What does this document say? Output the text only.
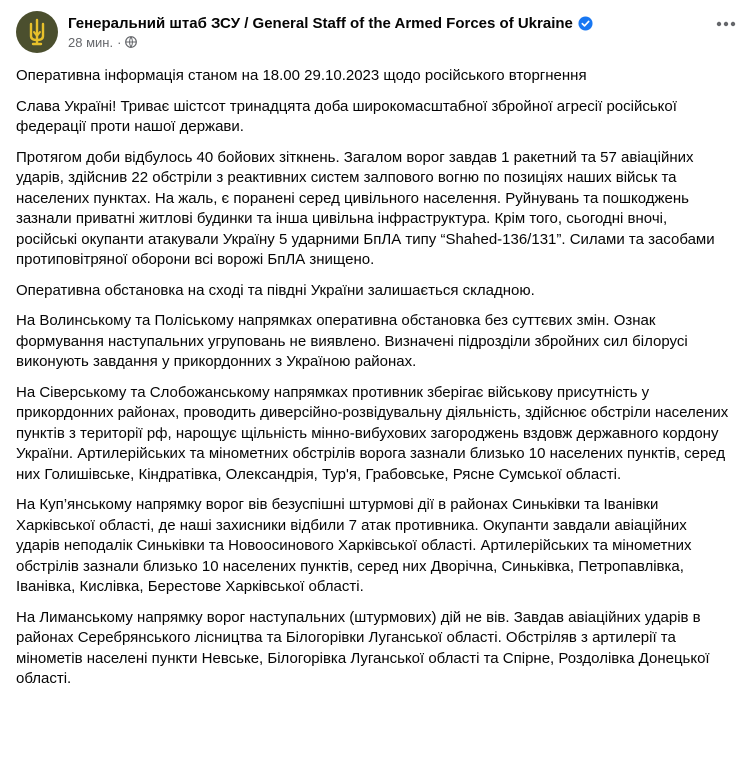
Генеральний штаб ЗСУ / General Staff of the Armed Forces of Ukraine
28 мин. ·

Оперативна інформація станом на 18.00 29.10.2023 щодо російського вторгнення

Слава Україні! Триває шістсот тринадцята доба широкомасштабної збройної агресії російської федерації проти нашої держави.

Протягом доби відбулось 40 бойових зіткнень. Загалом ворог завдав 1 ракетний та 57 авіаційних ударів, здійснив 22 обстріли з реактивних систем залпового вогню по позиціях наших військ та населених пунктах. На жаль, є поранені серед цивільного населення. Руйнувань та пошкоджень зазнали приватні житлові будинки та інша цивільна інфраструктура. Крім того, сьогодні вночі, російські окупанти атакували Україну 5 ударними БпЛА типу “Shahed-136/131”. Силами та засобами протиповітряної оборони всі ворожі БпЛА знищено.

Оперативна обстановка на сході та півдні України залишається складною.

На Волинському та Поліському напрямках оперативна обстановка без суттєвих змін. Ознак формування наступальних угруповань не виявлено. Визначені підрозділи збройних сил білорусі виконують завдання у прикордонних з Україною районах.

На Сіверському та Слобожанському напрямках противник зберігає військову присутність у прикордонних районах, проводить диверсійно-розвідувальну діяльність, здійснює обстріли населених пунктів з території рф, нарощує щільність мінно-вибухових загороджень вздовж державного кордону України. Артилерійських та мінометних обстрілів ворога зазнали близько 10 населених пунктів, серед них Голишівське, Кіндратівка, Олександрія, Тур'я, Грабовське, Рясне Сумської області.

На Куп’янському напрямку ворог вів безуспішні штурмові дії в районах Синьківки та Іванівки Харківської області, де наші захисники відбили 7 атак противника. Окупанти завдали авіаційних ударів неподалік Синьківки та Новоосинового Харківської області. Артилерійських та мінометних обстрілів зазнали близько 10 населених пунктів, серед них Дворічна, Синьківка, Петропавлівка, Іванівка, Кислівка, Берестове Харківської області.

На Лиманському напрямку ворог наступальних (штурмових) дій не вів. Завдав авіаційних ударів в районах Серебрянського лісництва та Білогорівки Луганської області. Обстріляв з артилерії та мінометів населені пункти Невське, Білогорівка Луганської області та Спірне, Роздолівка Донецької області.
